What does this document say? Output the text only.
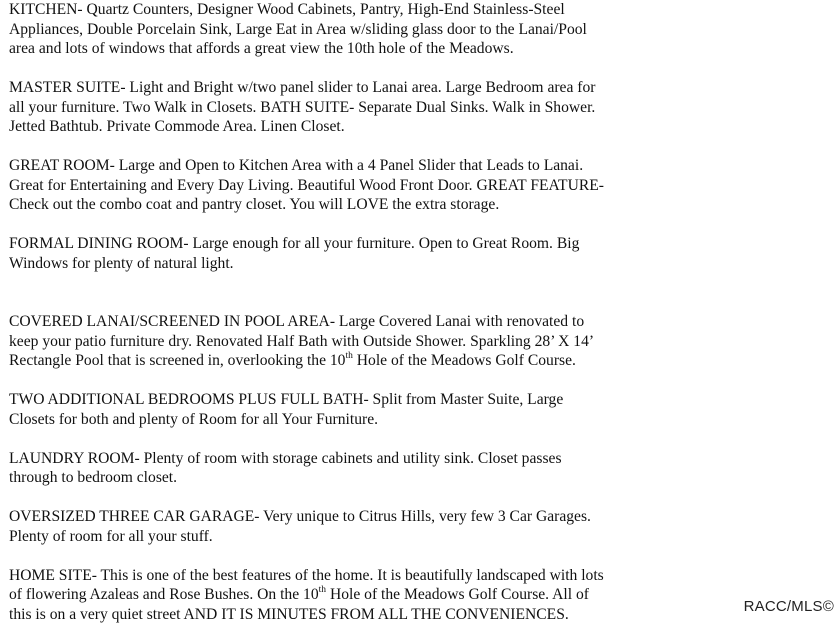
KITCHEN- Quartz Counters, Designer Wood Cabinets, Pantry, High-End Stainless-Steel
Appliances, Double Porcelain Sink, Large Eat in Area w/sliding glass door to the Lanai/Pool
area and lots of windows that affords a great view the 10th hole of the Meadows.

MASTER SUITE- Light and Bright w/two panel slider to Lanai area. Large Bedroom area for
all your furniture. Two Walk in Closets. BATH SUITE- Separate Dual Sinks. Walk in Shower.
Jetted Bathtub. Private Commode Area. Linen Closet.

GREAT ROOM- Large and Open to Kitchen Area with a 4 Panel Slider that Leads to Lanai.
Great for Entertaining and Every Day Living. Beautiful Wood Front Door. GREAT FEATURE-
Check out the combo coat and pantry closet. You will LOVE the extra storage.

FORMAL DINING ROOM- Large enough for all your furniture. Open to Great Room. Big
Windows for plenty of natural light.

COVERED LANAI/SCREENED IN POOL AREA- Large Covered Lanai with renovated to
keep your patio furniture dry. Renovated Half Bath with Outside Shower. Sparkling 28’ X 14’
Rectangle Pool that is screened in, overlooking the 10th Hole of the Meadows Golf Course.

TWO ADDITIONAL BEDROOMS PLUS FULL BATH- Split from Master Suite, Large
Closets for both and plenty of Room for all Your Furniture.

LAUNDRY ROOM- Plenty of room with storage cabinets and utility sink. Closet passes
through to bedroom closet.

OVERSIZED THREE CAR GARAGE- Very unique to Citrus Hills, very few 3 Car Garages.
Plenty of room for all your stuff.

HOME SITE- This is one of the best features of the home. It is beautifully landscaped with lots
of flowering Azaleas and Rose Bushes. On the 10th Hole of the Meadows Golf Course. All of
this is on a very quiet street AND IT IS MINUTES FROM ALL THE CONVENIENCES.	RACC/MLS©
